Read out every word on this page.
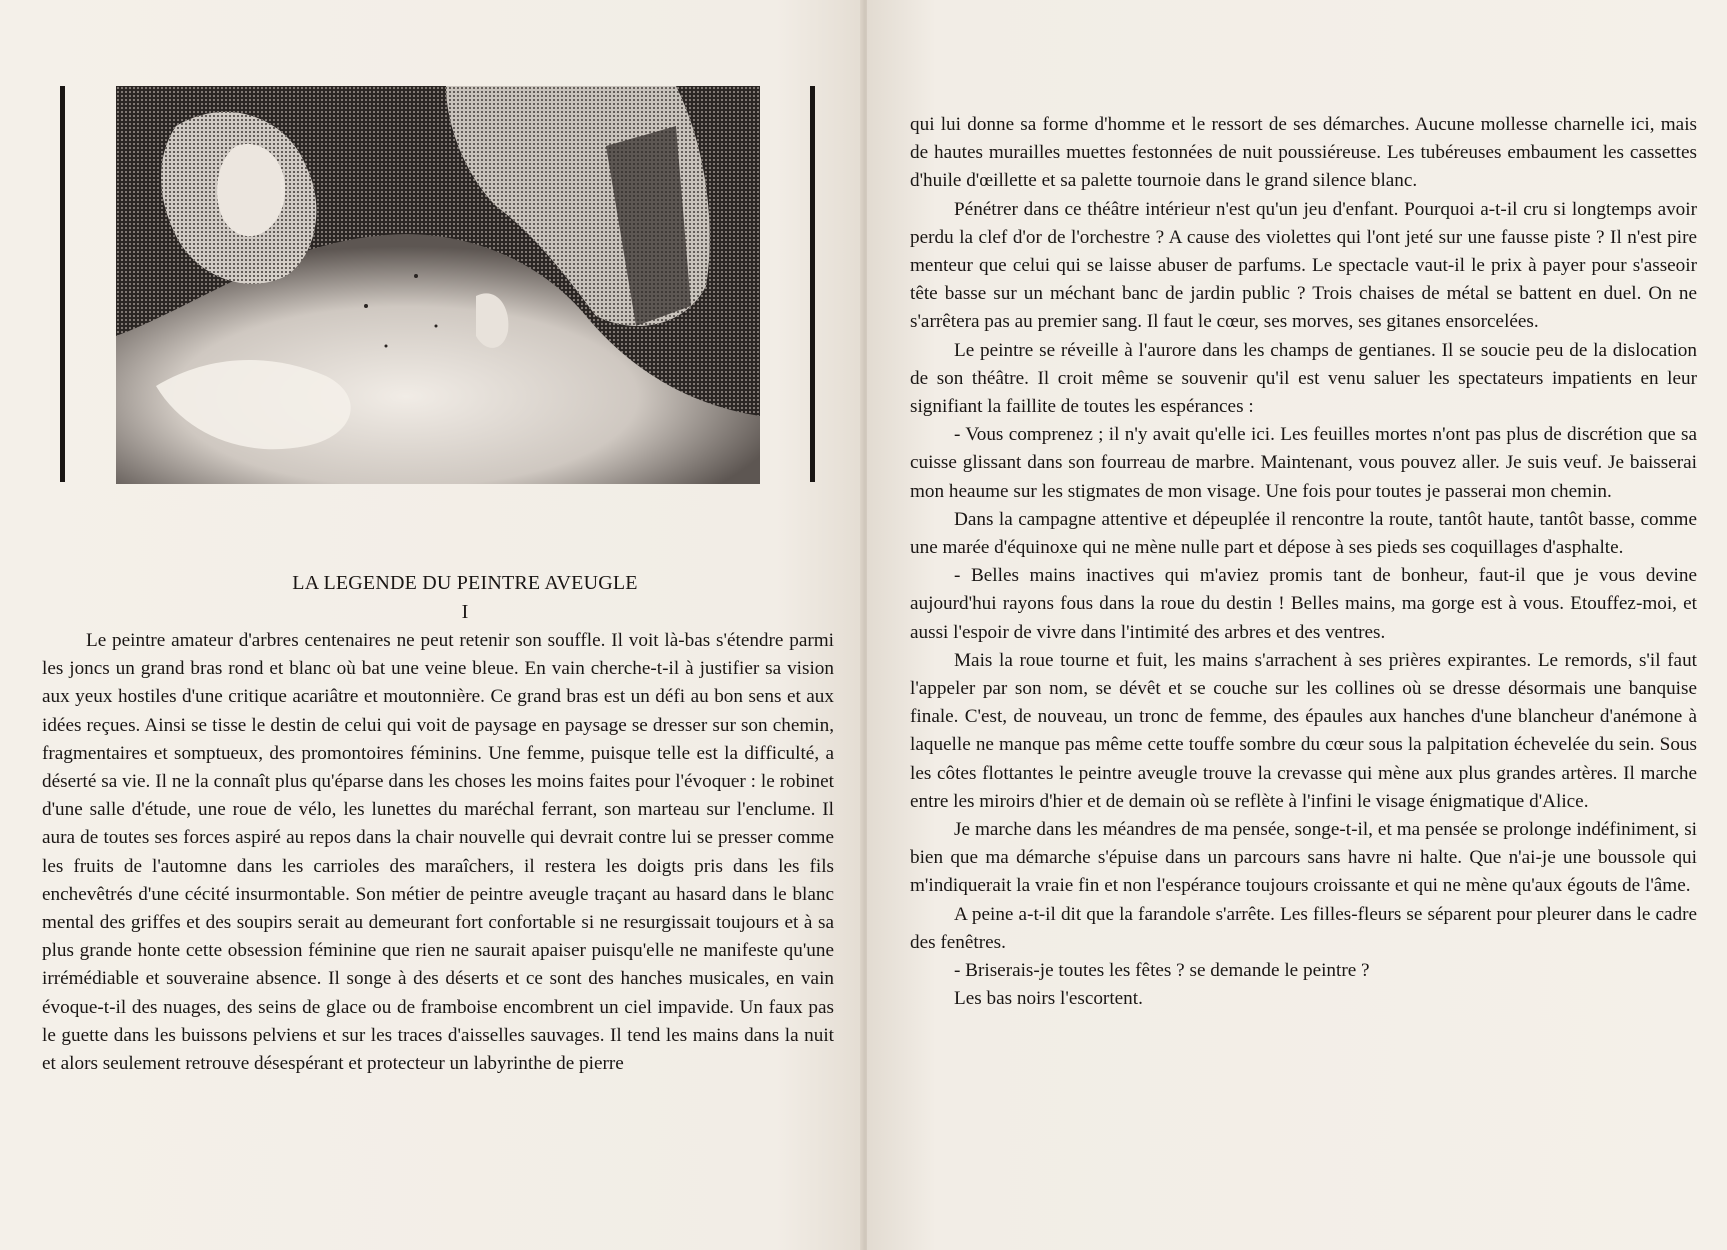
LA LEGENDE DU PEINTRE AVEUGLE
I

Le peintre amateur d'arbres centenaires ne peut retenir son souffle. Il voit là-bas s'étendre parmi les joncs un grand bras rond et blanc où bat une veine bleue. En vain cherche-t-il à justifier sa vision aux yeux hostiles d'une critique acariâtre et moutonnière. Ce grand bras est un défi au bon sens et aux idées reçues. Ainsi se tisse le destin de celui qui voit de paysage en paysage se dresser sur son chemin, fragmentaires et somptueux, des promontoires féminins. Une femme, puisque telle est la difficulté, a déserté sa vie. Il ne la connaît plus qu'éparse dans les choses les moins faites pour l'évoquer : le robinet d'une salle d'étude, une roue de vélo, les lunettes du maréchal ferrant, son marteau sur l'enclume. Il aura de toutes ses forces aspiré au repos dans la chair nouvelle qui devrait contre lui se presser comme les fruits de l'automne dans les carrioles des maraîchers, il restera les doigts pris dans les fils enchevêtrés d'une cécité insurmontable. Son métier de peintre aveugle traçant au hasard dans le blanc mental des griffes et des soupirs serait au demeurant fort confortable si ne resurgissait toujours et à sa plus grande honte cette obsession féminine que rien ne saurait apaiser puisqu'elle ne manifeste qu'une irrémédiable et souveraine absence. Il songe à des déserts et ce sont des hanches musicales, en vain évoque-t-il des nuages, des seins de glace ou de framboise encombrent un ciel impavide. Un faux pas le guette dans les buissons pelviens et sur les traces d'aisselles sauvages. Il tend les mains dans la nuit et alors seulement retrouve désespérant et protecteur un labyrinthe de pierre

qui lui donne sa forme d'homme et le ressort de ses démarches. Aucune mollesse charnelle ici, mais de hautes murailles muettes festonnées de nuit poussiéreuse. Les tubéreuses embaument les cassettes d'huile d'œillette et sa palette tournoie dans le grand silence blanc.

Pénétrer dans ce théâtre intérieur n'est qu'un jeu d'enfant. Pourquoi a-t-il cru si longtemps avoir perdu la clef d'or de l'orchestre ? A cause des violettes qui l'ont jeté sur une fausse piste ? Il n'est pire menteur que celui qui se laisse abuser de parfums. Le spectacle vaut-il le prix à payer pour s'asseoir tête basse sur un méchant banc de jardin public ? Trois chaises de métal se battent en duel. On ne s'arrêtera pas au premier sang. Il faut le cœur, ses morves, ses gitanes ensorcelées.

Le peintre se réveille à l'aurore dans les champs de gentianes. Il se soucie peu de la dislocation de son théâtre. Il croit même se souvenir qu'il est venu saluer les spectateurs impatients en leur signifiant la faillite de toutes les espérances :

- Vous comprenez ; il n'y avait qu'elle ici. Les feuilles mortes n'ont pas plus de discrétion que sa cuisse glissant dans son fourreau de marbre. Maintenant, vous pouvez aller. Je suis veuf. Je baisserai mon heaume sur les stigmates de mon visage. Une fois pour toutes je passerai mon chemin.

Dans la campagne attentive et dépeuplée il rencontre la route, tantôt haute, tantôt basse, comme une marée d'équinoxe qui ne mène nulle part et dépose à ses pieds ses coquillages d'asphalte.

- Belles mains inactives qui m'aviez promis tant de bonheur, faut-il que je vous devine aujourd'hui rayons fous dans la roue du destin ! Belles mains, ma gorge est à vous. Etouffez-moi, et aussi l'espoir de vivre dans l'intimité des arbres et des ventres.

Mais la roue tourne et fuit, les mains s'arrachent à ses prières expirantes. Le remords, s'il faut l'appeler par son nom, se dévêt et se couche sur les collines où se dresse désormais une banquise finale. C'est, de nouveau, un tronc de femme, des épaules aux hanches d'une blancheur d'anémone à laquelle ne manque pas même cette touffe sombre du cœur sous la palpitation échevelée du sein. Sous les côtes flottantes le peintre aveugle trouve la crevasse qui mène aux plus grandes artères. Il marche entre les miroirs d'hier et de demain où se reflète à l'infini le visage énigmatique d'Alice.

Je marche dans les méandres de ma pensée, songe-t-il, et ma pensée se prolonge indéfiniment, si bien que ma démarche s'épuise dans un parcours sans havre ni halte. Que n'ai-je une boussole qui m'indiquerait la vraie fin et non l'espérance toujours croissante et qui ne mène qu'aux égouts de l'âme.

A peine a-t-il dit que la farandole s'arrête. Les filles-fleurs se séparent pour pleurer dans le cadre des fenêtres.

- Briserais-je toutes les fêtes ? se demande le peintre ?

Les bas noirs l'escortent.
